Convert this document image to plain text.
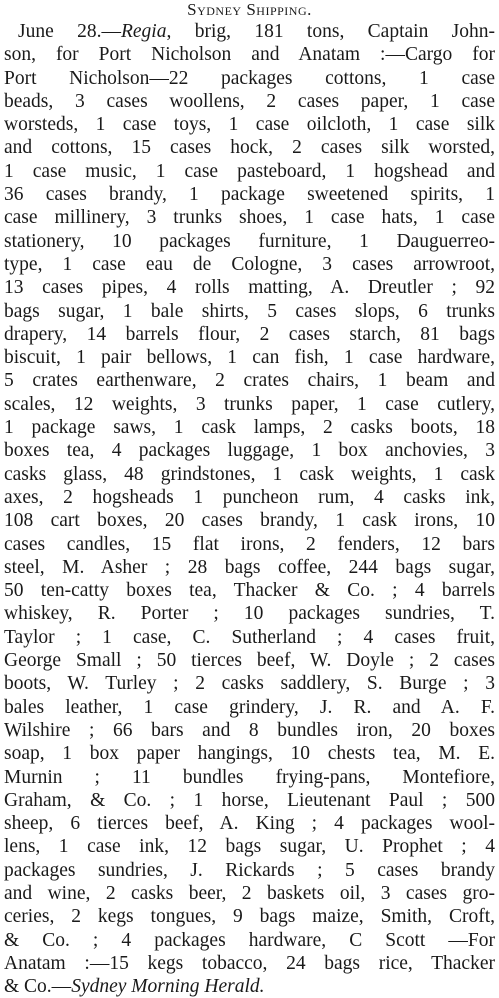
Sydney Shipping.
June 28.—Regia, brig, 181 tons, Captain John-
son, for Port Nicholson and Anatam :—Cargo for
Port Nicholson—22 packages cottons, 1 case
beads, 3 cases woollens, 2 cases paper, 1 case
worsteds, 1 case toys, 1 case oilcloth, 1 case silk
and cottons, 15 cases hock, 2 cases silk worsted,
1 case music, 1 case pasteboard, 1 hogshead and
36 cases brandy, 1 package sweetened spirits, 1
case millinery, 3 trunks shoes, 1 case hats, 1 case
stationery, 10 packages furniture, 1 Dauguerreo-
type, 1 case eau de Cologne, 3 cases arrowroot,
13 cases pipes, 4 rolls matting, A. Dreutler ; 92
bags sugar, 1 bale shirts, 5 cases slops, 6 trunks
drapery, 14 barrels flour, 2 cases starch, 81 bags
biscuit, 1 pair bellows, 1 can fish, 1 case hardware,
5 crates earthenware, 2 crates chairs, 1 beam and
scales, 12 weights, 3 trunks paper, 1 case cutlery,
1 package saws, 1 cask lamps, 2 casks boots, 18
boxes tea, 4 packages luggage, 1 box anchovies, 3
casks glass, 48 grindstones, 1 cask weights, 1 cask
axes, 2 hogsheads 1 puncheon rum, 4 casks ink,
108 cart boxes, 20 cases brandy, 1 cask irons, 10
cases candles, 15 flat irons, 2 fenders, 12 bars
steel, M. Asher ; 28 bags coffee, 244 bags sugar,
50 ten-catty boxes tea, Thacker & Co. ; 4 barrels
whiskey, R. Porter ; 10 packages sundries, T.
Taylor ; 1 case, C. Sutherland ; 4 cases fruit,
George Small ; 50 tierces beef, W. Doyle ; 2 cases
boots, W. Turley ; 2 casks saddlery, S. Burge ; 3
bales leather, 1 case grindery, J. R. and A. F.
Wilshire ; 66 bars and 8 bundles iron, 20 boxes
soap, 1 box paper hangings, 10 chests tea, M. E.
Murnin ; 11 bundles frying-pans, Montefiore,
Graham, & Co. ; 1 horse, Lieutenant Paul ; 500
sheep, 6 tierces beef, A. King ; 4 packages wool-
lens, 1 case ink, 12 bags sugar, U. Prophet ; 4
packages sundries, J. Rickards ; 5 cases brandy
and wine, 2 casks beer, 2 baskets oil, 3 cases gro-
ceries, 2 kegs tongues, 9 bags maize, Smith, Croft,
& Co. ; 4 packages hardware, C Scott —For
Anatam :—15 kegs tobacco, 24 bags rice, Thacker
& Co.—Sydney Morning Herald.
